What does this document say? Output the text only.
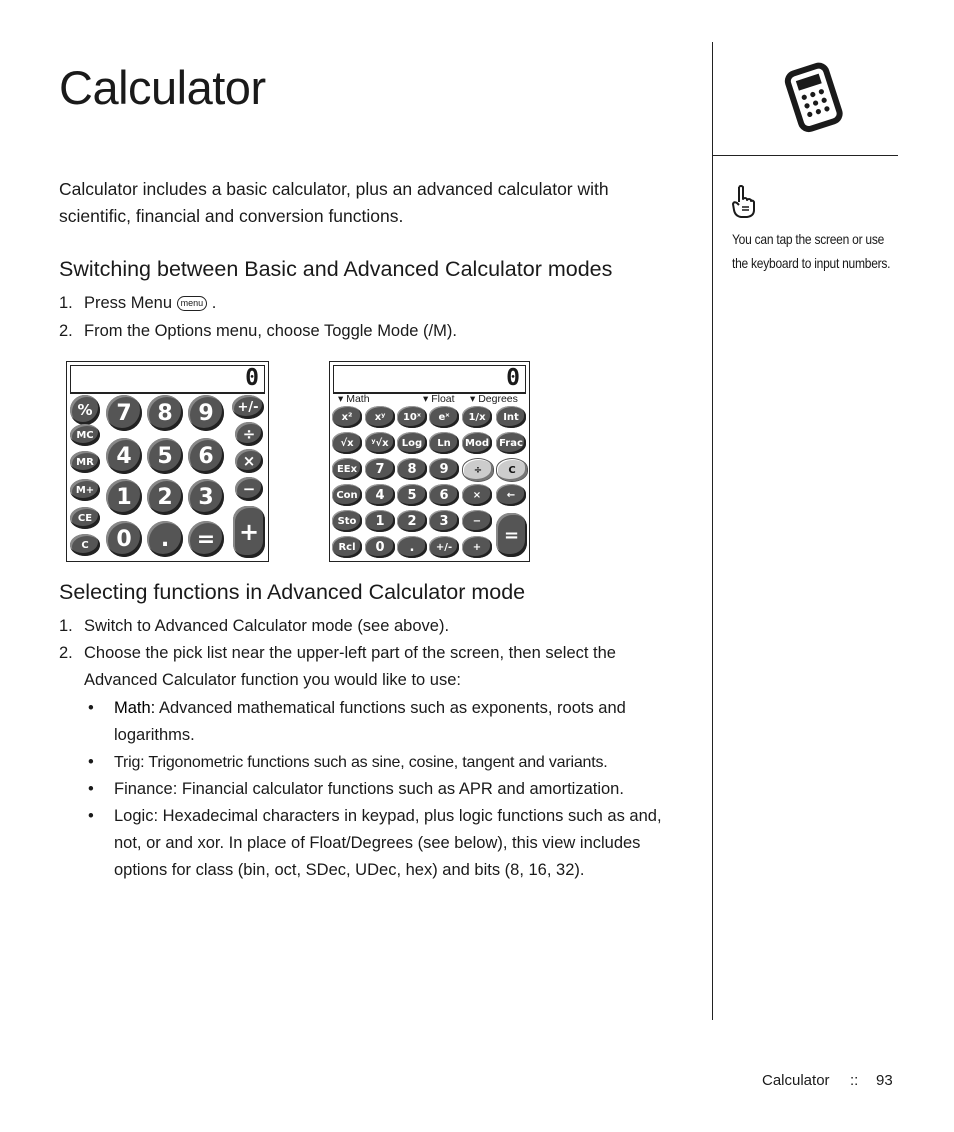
Calculator
Calculator includes a basic calculator, plus an advanced calculator with scientific, financial and conversion functions.
Switching between Basic and Advanced Calculator modes
1. Press Menu menu .
2. From the Options menu, choose Toggle Mode (/M).
0
%	7	8	9	+/-
MC
4	5	6
÷
MR	×
M+	1	2	3	−
CE
C	0	.	= +
0
▾ Math	▾ Float ▾ Degrees
x²	xʸ	10ˣ	eˣ	1/x	Int
√x	ʸ√x	Log	Ln	Mod	Frac
EEx	7	8	9	÷	C
Con	4	5	6	×	←
Sto	1	2	3	−
Rcl	0	.	+/-	+
=
Selecting functions in Advanced Calculator mode
1. Switch to Advanced Calculator mode (see above).
2. Choose the pick list near the upper-left part of the screen, then select the Advanced Calculator function you would like to use:
• Math: Advanced mathematical functions such as exponents, roots and logarithms.
• Trig: Trigonometric functions such as sine, cosine, tangent and variants.
• Finance: Financial calculator functions such as APR and amortization.
• Logic: Hexadecimal characters in keypad, plus logic functions such as and, not, or and xor. In place of Float/Degrees (see below), this view includes options for class (bin, oct, SDec, UDec, hex) and bits (8, 16, 32).
You can tap the screen or use the keyboard to input numbers.
Calculator :: 93
